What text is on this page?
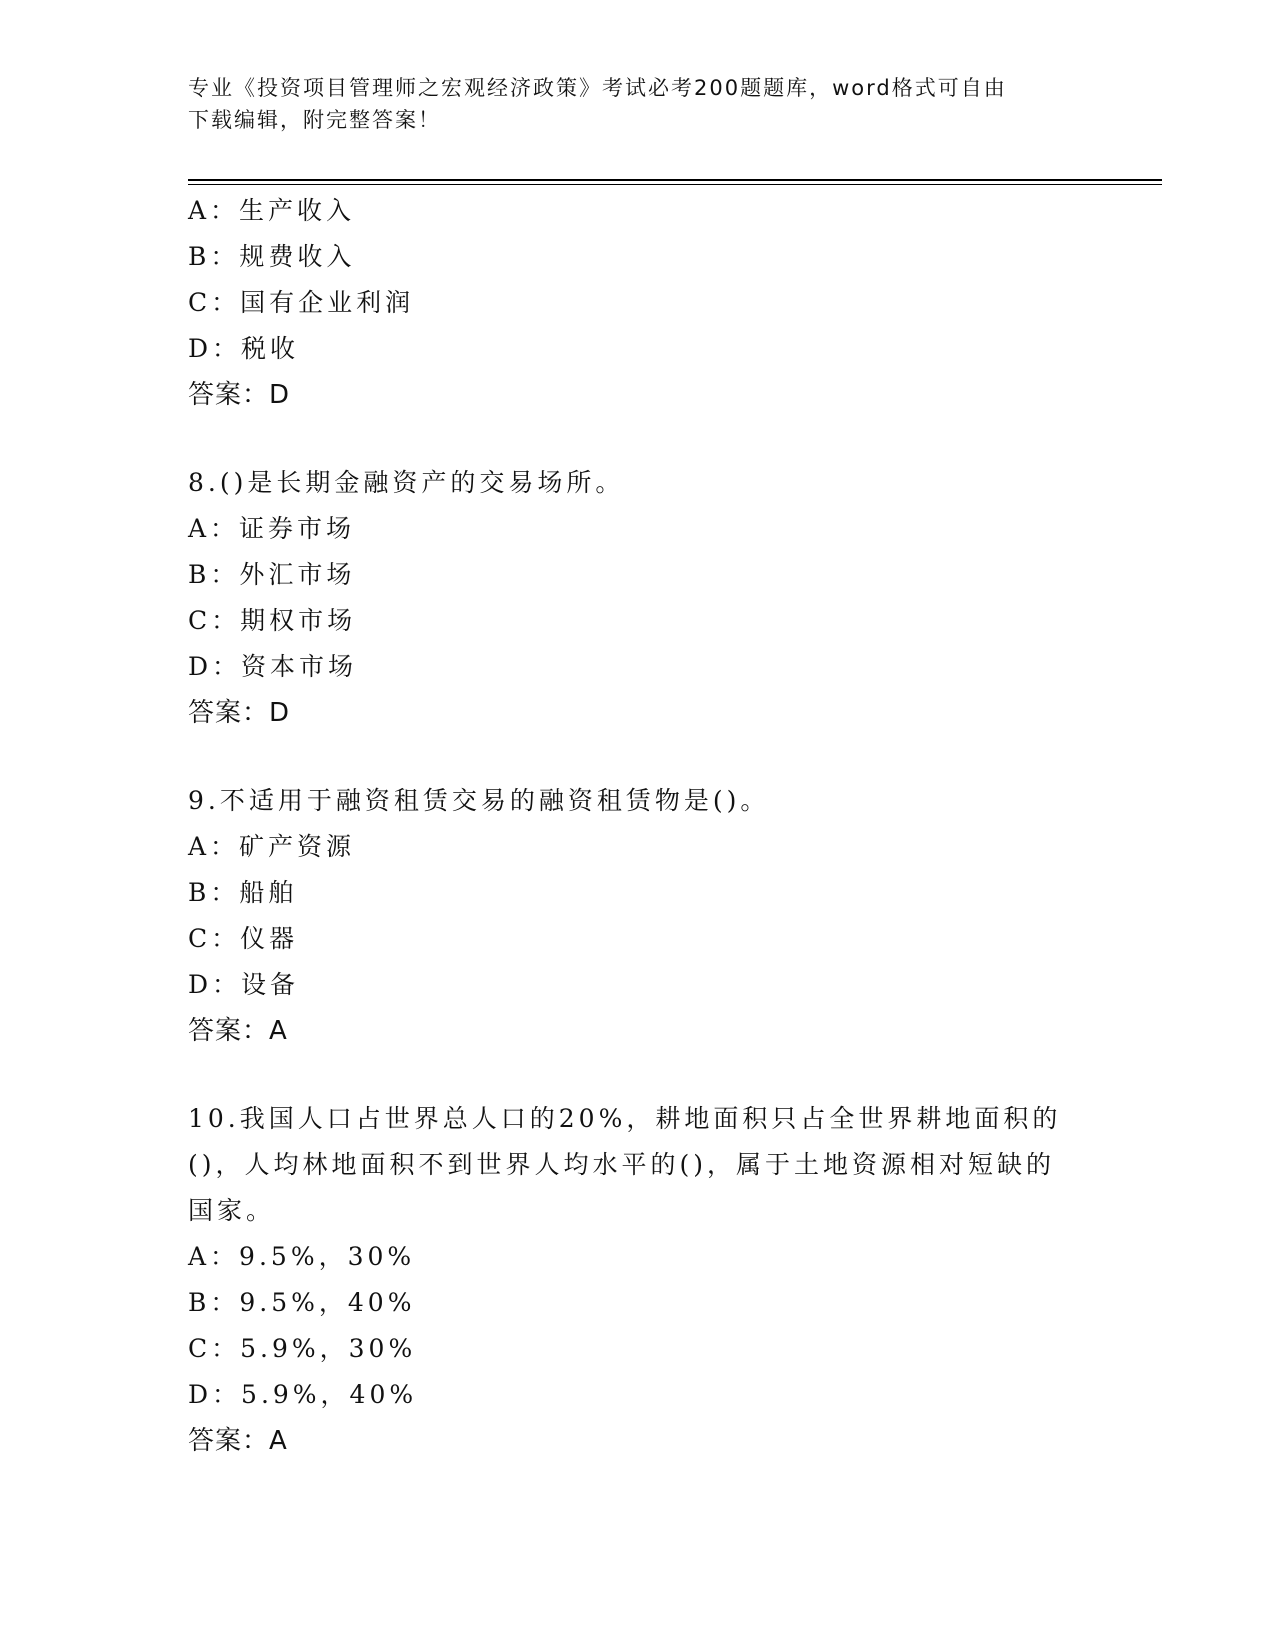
专业《投资项目管理师之宏观经济政策》考试必考200题题库，word格式可自由
下载编辑，附完整答案！
A：生产收入
B：规费收入
C：国有企业利润
D：税收
答案：D
8.()是长期金融资产的交易场所。
A：证券市场
B：外汇市场
C：期权市场
D：资本市场
答案：D
9.不适用于融资租赁交易的融资租赁物是()。
A：矿产资源
B：船舶
C：仪器
D：设备
答案：A
10.我国人口占世界总人口的20%，耕地面积只占全世界耕地面积的()，人均林地面积不到世界人均水平的()，属于土地资源相对短缺的国家。
A：9.5%，30%
B：9.5%，40%
C：5.9%，30%
D：5.9%，40%
答案：A
